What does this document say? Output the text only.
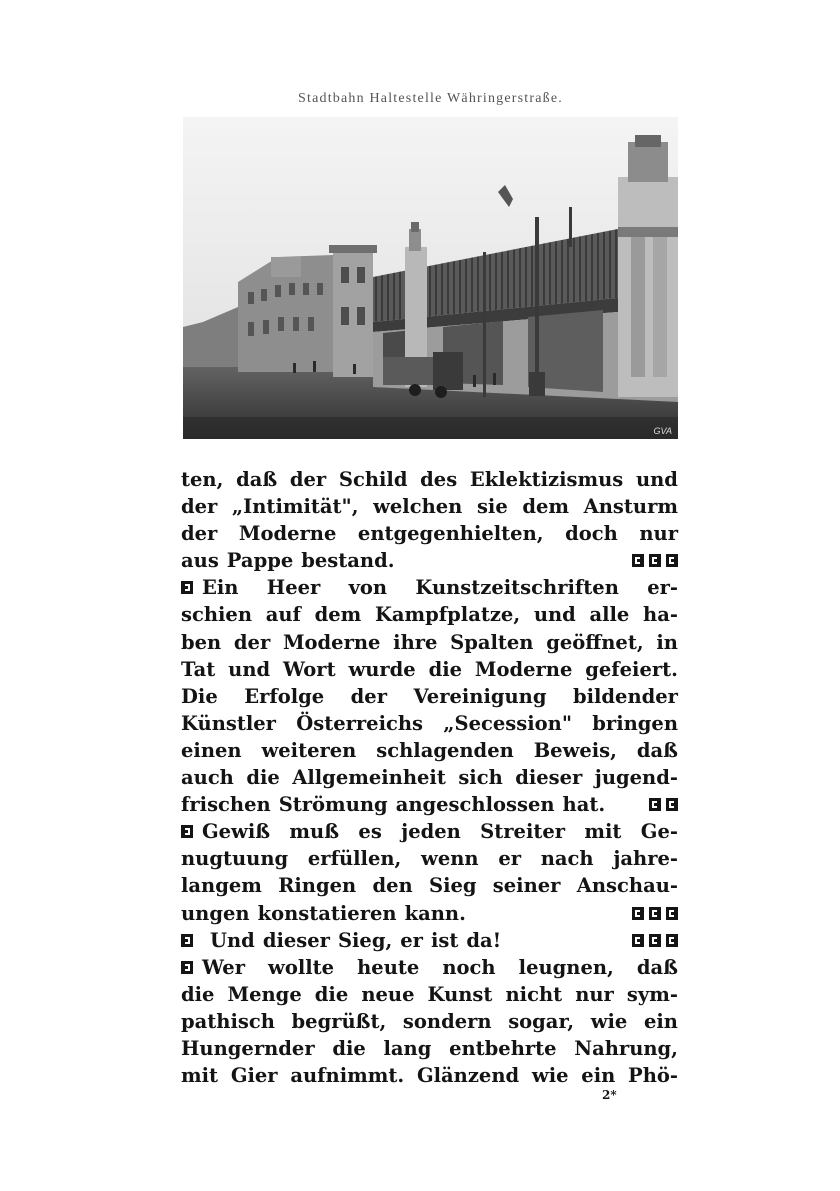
Stadtbahn Haltestelle Währingerstraße.
GVA
ten, daß der Schild des Eklektizismus und
der „Intimität", welchen sie dem Ansturm
der Moderne entgegenhielten, doch nur
aus Pappe bestand.
Ein Heer von Kunstzeitschriften er-
schien auf dem Kampfplatze, und alle ha-
ben der Moderne ihre Spalten geöffnet, in
Tat und Wort wurde die Moderne gefeiert.
Die Erfolge der Vereinigung bildender
Künstler Österreichs „Secession" bringen
einen weiteren schlagenden Beweis, daß
auch die Allgemeinheit sich dieser jugend-
frischen Strömung angeschlossen hat.
Gewiß muß es jeden Streiter mit Ge-
nugtuung erfüllen, wenn er nach jahre-
langem Ringen den Sieg seiner Anschau-
ungen konstatieren kann.
Und dieser Sieg, er ist da!
Wer wollte heute noch leugnen, daß
die Menge die neue Kunst nicht nur sym-
pathisch begrüßt, sondern sogar, wie ein
Hungernder die lang entbehrte Nahrung,
mit Gier aufnimmt. Glänzend wie ein Phö-
2*
